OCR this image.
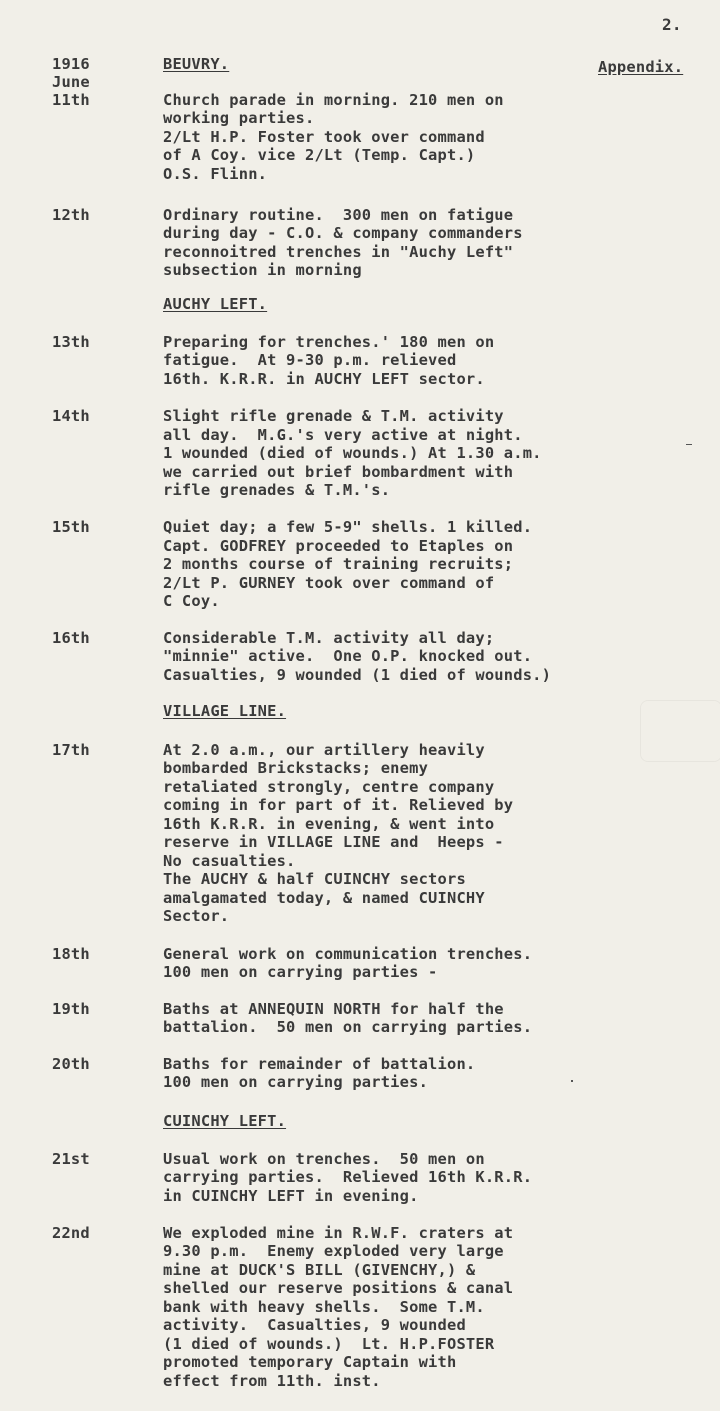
2.
Appendix.
1916
June
BEUVRY.
AUCHY LEFT.
VILLAGE LINE.
CUINCHY LEFT.
11th	Church parade in morning. 210 men on
working parties.
2/Lt H.P. Foster took over command
of A Coy. vice 2/Lt (Temp. Capt.)
O.S. Flinn.
12th	Ordinary routine.  300 men on fatigue
during day - C.O. & company commanders
reconnoitred trenches in "Auchy Left"
subsection in morning
13th	Preparing for trenches.' 180 men on
fatigue.  At 9-30 p.m. relieved
16th. K.R.R. in AUCHY LEFT sector.
14th	Slight rifle grenade & T.M. activity
all day.  M.G.'s very active at night.
1 wounded (died of wounds.) At 1.30 a.m.
we carried out brief bombardment with
rifle grenades & T.M.'s.
15th	Quiet day; a few 5-9" shells. 1 killed.
Capt. GODFREY proceeded to Etaples on
2 months course of training recruits;
2/Lt P. GURNEY took over command of
C Coy.
16th	Considerable T.M. activity all day;
"minnie" active.  One O.P. knocked out.
Casualties, 9 wounded (1 died of wounds.)
17th	At 2.0 a.m., our artillery heavily
bombarded Brickstacks; enemy
retaliated strongly, centre company
coming in for part of it. Relieved by
16th K.R.R. in evening, & went into
reserve in VILLAGE LINE and  Heeps -
No casualties.
The AUCHY & half CUINCHY sectors
amalgamated today, & named CUINCHY
Sector.
18th	General work on communication trenches.
100 men on carrying parties -
19th	Baths at ANNEQUIN NORTH for half the
battalion.  50 men on carrying parties.
20th	Baths for remainder of battalion.
100 men on carrying parties.
21st	Usual work on trenches.  50 men on
carrying parties.  Relieved 16th K.R.R.
in CUINCHY LEFT in evening.
22nd	We exploded mine in R.W.F. craters at
9.30 p.m.  Enemy exploded very large
mine at DUCK'S BILL (GIVENCHY,) &
shelled our reserve positions & canal
bank with heavy shells.  Some T.M.
activity.  Casualties, 9 wounded
(1 died of wounds.)  Lt. H.P.FOSTER
promoted temporary Captain with
effect from 11th. inst.
